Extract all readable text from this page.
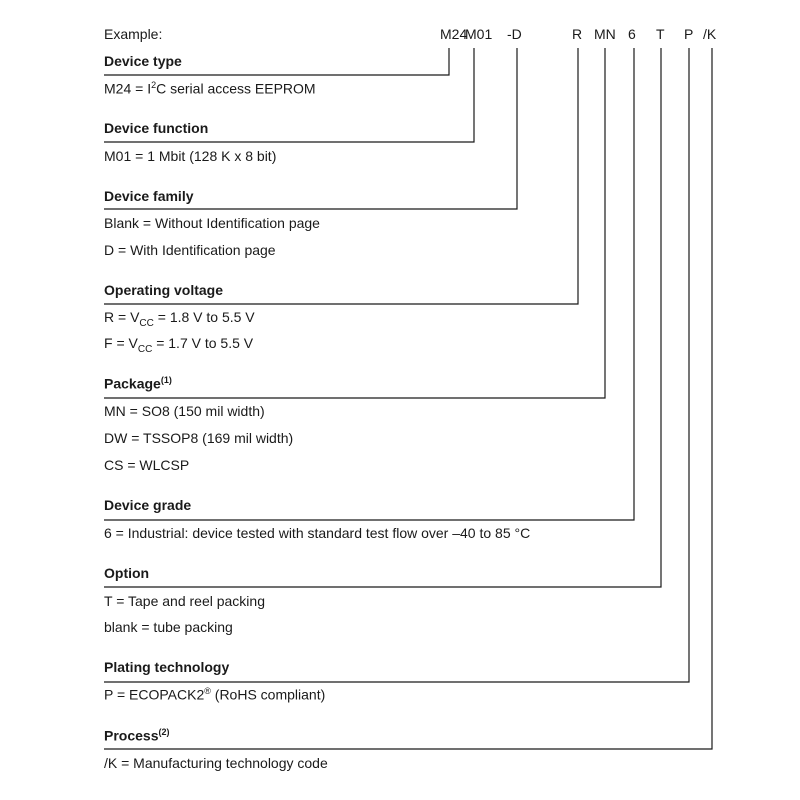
Example:	M24
M01 -D	R MN 6 T P /K
Device type
$M24 = I^2C$ serial access EEPROM
Device function
M01 = 1 Mbit (128 K x 8 bit)
Device family
Blank = Without Identification page
D = With Identification page
Operating voltage
$R = V_{CC} = 1.8$ V to 5.5 V
$F = V_{CC} = 1.7$ V to 5.5 V
Package$^{(1)}$
MN = SO8 (150 mil width)
DW = TSSOP8 (169 mil width)
CS = WLCSP
Device grade
6 = Industrial: device tested with standard test flow over –40 to 85 °C
Option
T = Tape and reel packing
blank = tube packing
Plating technology
P = ECOPACK2® (RoHS compliant)
Process$^{(2)}$
/K = Manufacturing technology code
